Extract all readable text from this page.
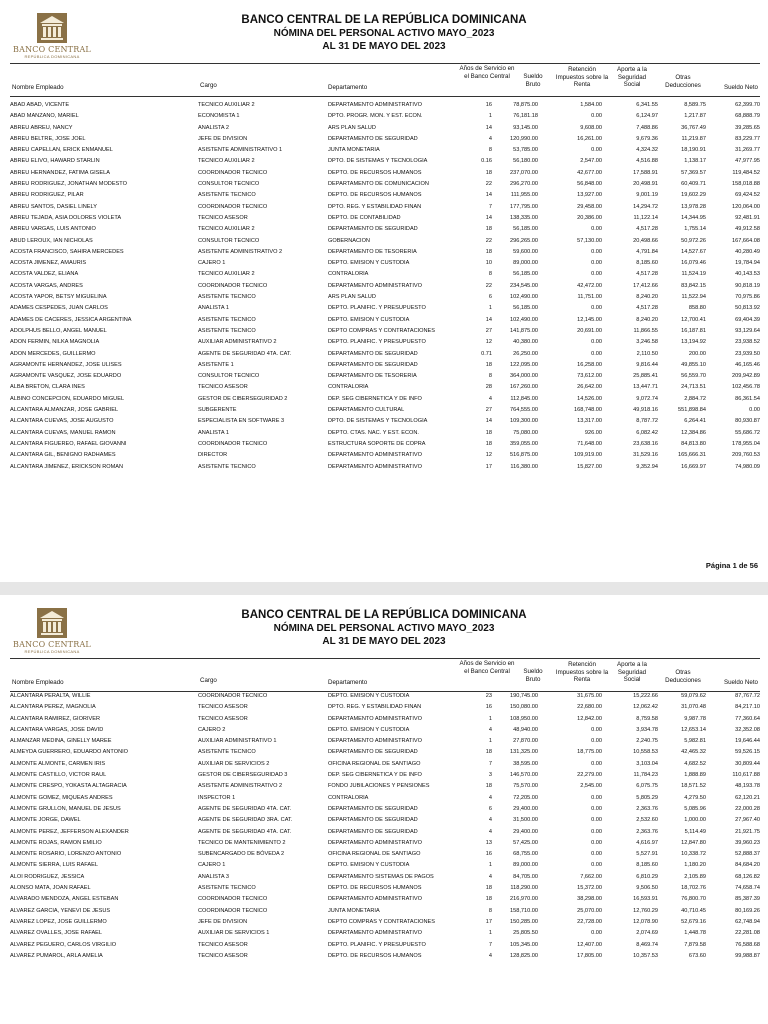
BANCO CENTRAL
REPÚBLICA DOMINICANA
BANCO CENTRAL DE LA REPÚBLICA DOMINICANA
NÓMINA DEL PERSONAL ACTIVO MAYO_2023
AL 31 DE MAYO DEL 2023
Nombre Empleado	Cargo	Departamento
Años de Servicio en el Banco Central	Sueldo Bruto
Retención Impuestos sobre la Renta
Aporte a la Seguridad Social
Otras Deducciones	Sueldo Neto
ABAD ABAD, VICENTE	TECNICO AUXILIAR 2	DEPARTAMENTO ADMINISTRATIVO	16	78,875.00	1,584.00	6,341.55	8,589.75	62,399.70
ABAD MANZANO, MARIEL	ECONOMISTA 1	DPTO. PROGR. MON. Y EST. ECON.	1	76,181.18	0.00	6,124.97	1,217.87	68,888.79
ABREU ABREU, NANCY	ANALISTA 2	ARS PLAN SALUD	14	93,145.00	9,608.00	7,488.86	36,767.49	39,285.65
ABREU BELTRE, JOSE JOEL	JEFE DE DIVISION	DEPARTAMENTO DE SEGURIDAD	4	120,990.00	16,261.00	9,679.36	11,219.87	83,229.77
ABREU CAPELLAN, ERICK ENMANUEL	ASISTENTE ADMINISTRATIVO 1	JUNTA MONETARIA	8	53,785.00	0.00	4,324.32	18,190.91	31,269.77
ABREU ELIVO, HAWARD STARLIN	TECNICO AUXILIAR 2	DPTO. DE SISTEMAS Y TECNOLOGIA	0.16	56,180.00	2,547.00	4,516.88	1,138.17	47,977.95
ABREU HERNANDEZ, FATIMA GISELA	COORDINADOR TECNICO	DEPTO. DE RECURSOS HUMANOS	18	237,070.00	42,677.00	17,588.91	57,369.57	119,484.52
ABREU RODRIGUEZ, JONATHAN MODESTO	CONSULTOR TECNICO	DEPARTAMENTO DE COMUNICACION	22	296,270.00	56,848.00	20,498.91	60,409.71	158,018.88
ABREU RODRIGUEZ, PILAR	ASISTENTE TECNICO	DEPTO. DE RECURSOS HUMANOS	14	111,955.00	13,927.00	9,001.19	19,602.29	69,424.52
ABREU SANTOS, DASIEL LINELY	COORDINADOR TECNICO	DPTO. REG. Y ESTABILIDAD FINAN	7	177,795.00	29,458.00	14,294.72	13,978.28	120,064.00
ABREU TEJADA, ASIA DOLORES VIOLETA	TECNICO ASESOR	DEPTO. DE CONTABILIDAD	14	138,335.00	20,386.00	11,122.14	14,344.95	92,481.91
ABREU VARGAS, LUIS ANTONIO	TECNICO AUXILIAR 2	DEPARTAMENTO DE SEGURIDAD	18	56,185.00	0.00	4,517.28	1,755.14	49,912.58
ABUD LEROUX, IAN NICHOLAS	CONSULTOR TECNICO	GOBERNACION	22	296,265.00	57,130.00	20,498.66	50,972.26	167,664.08
ACOSTA FRANCISCO, SAHIRA MERCEDES	ASISTENTE ADMINISTRATIVO 2	DEPARTAMENTO DE TESORERIA	18	59,600.00	0.00	4,791.84	14,527.67	40,280.49
ACOSTA JIMENEZ, AMAURIS	CAJERO 1	DEPTO. EMISION Y CUSTODIA	10	89,000.00	0.00	8,185.60	16,079.46	19,784.94
ACOSTA VALDEZ, ELIANA	TECNICO AUXILIAR 2	CONTRALORIA	8	56,185.00	0.00	4,517.28	11,524.19	40,143.53
ACOSTA VARGAS, ANDRES	COORDINADOR TECNICO	DEPARTAMENTO ADMINISTRATIVO	22	234,545.00	42,472.00	17,412.66	83,842.15	90,818.19
ACOSTA YAPOR, BETSY MIGUELINA	ASISTENTE TECNICO	ARS PLAN SALUD	6	102,490.00	11,751.00	8,240.20	11,522.94	70,975.86
ADAMES CESPEDES, JUAN CARLOS	ANALISTA 1	DEPTO. PLANIFIC. Y PRESUPUESTO	1	56,185.00	0.00	4,517.28	858.80	50,813.92
ADAMES DE CACERES, JESSICA ARGENTINA	ASISTENTE TECNICO	DEPTO. EMISION Y CUSTODIA	14	102,490.00	12,145.00	8,240.20	12,700.41	69,404.39
ADOLPHUS BELLO, ANGEL MANUEL	ASISTENTE TECNICO	DEPTO COMPRAS Y CONTRATACIONES	27	141,875.00	20,691.00	11,866.55	16,187.81	93,129.64
ADON FERMIN, NILKA MAGNOLIA	AUXILIAR ADMINISTRATIVO 2	DEPTO. PLANIFIC. Y PRESUPUESTO	12	40,380.00	0.00	3,246.58	13,194.92	23,938.52
ADON MERCEDES, GUILLERMO	AGENTE DE SEGURIDAD 4TA. CAT.	DEPARTAMENTO DE SEGURIDAD	0.71	26,250.00	0.00	2,110.50	200.00	23,939.50
AGRAMONTE HERNANDEZ, JOSE ULISES	ASISTENTE 1	DEPARTAMENTO DE SEGURIDAD	18	122,095.00	16,258.00	9,816.44	49,855.10	46,165.46
AGRAMONTE VASQUEZ, JOSE EDUARDO	CONSULTOR TECNICO	DEPARTAMENTO DE TESORERIA	8	364,000.00	73,612.00	25,885.41	56,559.70	209,942.89
ALBA BRETON, CLARA INES	TECNICO ASESOR	CONTRALORIA	28	167,260.00	26,642.00	13,447.71	24,713.51	102,456.78
ALBINO CONCEPCION, EDUARDO MIGUEL	GESTOR DE CIBERSEGURIDAD 2	DEP. SEG CIBERNETICA Y DE INFO	4	112,845.00	14,526.00	9,072.74	2,884.72	86,361.54
ALCANTARA ALMANZAR, JOSE GABRIEL	SUBGERENTE	DEPARTAMENTO CULTURAL	27	764,555.00	168,748.00	49,918.16	551,898.84	0.00
ALCANTARA CUEVAS, JOSE AUGUSTO	ESPECIALISTA EN SOFTWARE 3	DPTO. DE SISTEMAS Y TECNOLOGIA	14	109,300.00	13,317.00	8,787.72	6,264.41	80,930.87
ALCANTARA CUEVAS, MANUEL RAMON	ANALISTA 1	DEPTO. CTAS. NAC. Y EST. ECON.	18	75,080.00	926.00	6,082.42	12,384.86	55,686.72
ALCANTARA FIGUEREO, RAFAEL GIOVANNI	COORDINADOR TECNICO	ESTRUCTURA SOPORTE DE COPRA	18	359,055.00	71,648.00	23,638.16	84,813.80	178,955.04
ALCANTARA GIL, BENIGNO RADHAMES	DIRECTOR	DEPARTAMENTO ADMINISTRATIVO	12	516,875.00	109,919.00	31,529.16	165,666.31	209,760.53
ALCANTARA JIMENEZ, ERICKSON ROMAN	ASISTENTE TECNICO	DEPARTAMENTO ADMINISTRATIVO	17	116,380.00	15,827.00	9,352.94	16,669.97	74,980.09
Página 1 de 56
BANCO CENTRAL
REPÚBLICA DOMINICANA
BANCO CENTRAL DE LA REPÚBLICA DOMINICANA
NÓMINA DEL PERSONAL ACTIVO MAYO_2023
AL 31 DE MAYO DEL 2023
Nombre Empleado	Cargo	Departamento
Años de Servicio en el Banco Central	Sueldo Bruto
Retención Impuestos sobre la Renta
Aporte a la Seguridad Social
Otras Deducciones	Sueldo Neto
ALCANTARA PERALTA, WILLIE	COORDINADOR TECNICO	DEPTO. EMISION Y CUSTODIA	23	190,745.00	31,675.00	15,222.66	59,079.62	87,767.72
ALCANTARA PEREZ, MAGNOLIA	TECNICO ASESOR	DPTO. REG. Y ESTABILIDAD FINAN	16	150,080.00	22,680.00	12,062.42	31,070.48	84,217.10
ALCANTARA RAMIREZ, GIORIVER	TECNICO ASESOR	DEPARTAMENTO ADMINISTRATIVO	1	108,950.00	12,842.00	8,759.58	9,987.78	77,360.64
ALCANTARA VARGAS, JOSE DAVID	CAJERO 2	DEPTO. EMISION Y CUSTODIA	4	48,940.00	0.00	3,934.78	12,653.14	32,352.08
ALMANZAR MEDINA, GINELLY MAREE	AUXILIAR ADMINISTRATIVO 1	DEPARTAMENTO ADMINISTRATIVO	1	27,870.00	0.00	2,240.75	5,982.81	19,646.44
ALMEYDA GUERRERO, EDUARDO ANTONIO	ASISTENTE TECNICO	DEPARTAMENTO DE SEGURIDAD	18	131,325.00	18,775.00	10,558.53	42,465.32	59,526.15
ALMONTE ALMONTE, CARMEN IRIS	AUXILIAR DE SERVICIOS 2	OFICINA REGIONAL DE SANTIAGO	7	38,595.00	0.00	3,103.04	4,682.52	30,809.44
ALMONTE CASTILLO, VICTOR RAUL	GESTOR DE CIBERSEGURIDAD 3	DEP. SEG CIBERNETICA Y DE INFO	3	146,570.00	22,279.00	11,784.23	1,888.89	110,617.88
ALMONTE CRESPO, YOKASTA ALTAGRACIA	ASISTENTE ADMINISTRATIVO 2	FONDO JUBILACIONES Y PENSIONES	18	75,570.00	2,545.00	6,075.75	18,571.52	48,193.78
ALMONTE GOMEZ, MIQUEAS ANDRES	INSPECTOR 1	CONTRALORIA	4	72,205.00	0.00	5,805.29	4,279.50	62,120.21
ALMONTE GRULLON, MANUEL DE JESUS	AGENTE DE SEGURIDAD 4TA. CAT.	DEPARTAMENTO DE SEGURIDAD	6	29,400.00	0.00	2,363.76	5,085.96	22,000.28
ALMONTE JORGE, DAWEL	AGENTE DE SEGURIDAD 3RA. CAT.	DEPARTAMENTO DE SEGURIDAD	4	31,500.00	0.00	2,532.60	1,000.00	27,967.40
ALMONTE PEREZ, JEFFERSON ALEXANDER	AGENTE DE SEGURIDAD 4TA. CAT.	DEPARTAMENTO DE SEGURIDAD	4	29,400.00	0.00	2,363.76	5,114.49	21,921.75
ALMONTE ROJAS, RAMON EMILIO	TECNICO DE MANTENIMIENTO 2	DEPARTAMENTO ADMINISTRATIVO	13	57,425.00	0.00	4,616.97	12,847.80	39,960.23
ALMONTE ROSARIO, LORENZO ANTONIO	SUBENCARGADO DE BÓVEDA 2	OFICINA REGIONAL DE SANTIAGO	16	68,755.00	0.00	5,527.91	10,338.72	52,888.37
ALMONTE SIERRA, LUIS RAFAEL	CAJERO 1	DEPTO. EMISION Y CUSTODIA	1	89,000.00	0.00	8,185.60	1,180.20	84,684.20
ALOI RODRIGUEZ, JESSICA	ANALISTA 3	DEPARTAMENTO SISTEMAS DE PAGOS	4	84,705.00	7,662.00	6,810.29	2,105.89	68,126.82
ALONSO MATA, JOAN RAFAEL	ASISTENTE TECNICO	DEPTO. DE RECURSOS HUMANOS	18	118,290.00	15,372.00	9,506.50	18,702.76	74,658.74
ALVARADO MENDOZA, ANGEL ESTEBAN	COORDINADOR TECNICO	DEPARTAMENTO ADMINISTRATIVO	18	216,970.00	38,298.00	16,593.91	76,800.70	85,387.39
ALVAREZ GARCIA, YENEVI DE JESUS	COORDINADOR TECNICO	JUNTA MONETARIA	8	158,710.00	25,070.00	12,760.29	40,710.45	80,169.26
ALVAREZ LOPEZ, JOSE GUILLERMO	JEFE DE DIVISION	DEPTO COMPRAS Y CONTRATACIONES	17	150,285.00	22,728.00	12,078.90	52,679.16	62,748.94
ALVAREZ OVALLES, JOSE RAFAEL	AUXILIAR DE SERVICIOS 1	DEPARTAMENTO ADMINISTRATIVO	1	25,805.50	0.00	2,074.69	1,448.78	22,281.08
ALVAREZ PEGUERO, CARLOS VIRGILIO	TECNICO ASESOR	DEPTO. PLANIFIC. Y PRESUPUESTO	7	105,345.00	12,407.00	8,469.74	7,879.58	76,588.68
ALVAREZ PUMAROL, ARLA AMELIA	TECNICO ASESOR	DEPTO. DE RECURSOS HUMANOS	4	128,825.00	17,805.00	10,357.53	673.60	99,988.87
